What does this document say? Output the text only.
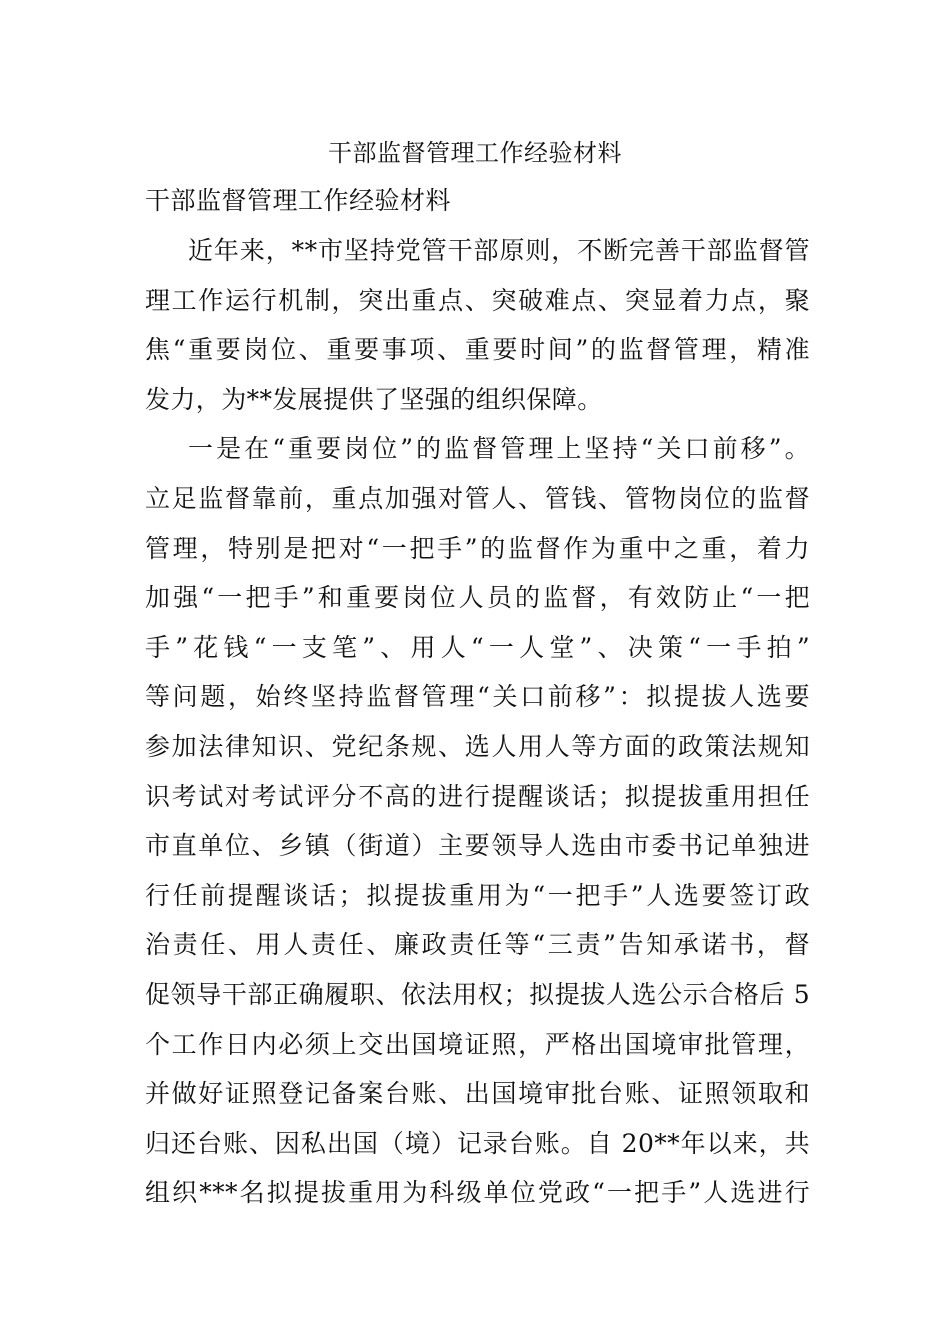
干部监督管理工作经验材料
干部监督管理工作经验材料
近年来，**市坚持党管干部原则，不断完善干部监督管
理工作运行机制，突出重点、突破难点、突显着力点，聚
焦“重要岗位、重要事项、重要时间”的监督管理，精准
发力，为**发展提供了坚强的组织保障。
一是在“重要岗位”的监督管理上坚持“关口前移”。
立足监督靠前，重点加强对管人、管钱、管物岗位的监督
管理，特别是把对“一把手”的监督作为重中之重，着力
加强“一把手”和重要岗位人员的监督，有效防止“一把
手”花钱“一支笔”、用人“一人堂”、决策“一手拍”
等问题，始终坚持监督管理“关口前移”：拟提拔人选要
参加法律知识、党纪条规、选人用人等方面的政策法规知
识考试对考试评分不高的进行提醒谈话；拟提拔重用担任
市直单位、乡镇（街道）主要领导人选由市委书记单独进
行任前提醒谈话；拟提拔重用为“一把手”人选要签订政
治责任、用人责任、廉政责任等“三责”告知承诺书，督
促领导干部正确履职、依法用权；拟提拔人选公示合格后 5
个工作日内必须上交出国境证照，严格出国境审批管理，
并做好证照登记备案台账、出国境审批台账、证照领取和
归还台账、因私出国（境）记录台账。自 20**年以来，共
组织***名拟提拔重用为科级单位党政“一把手”人选进行
